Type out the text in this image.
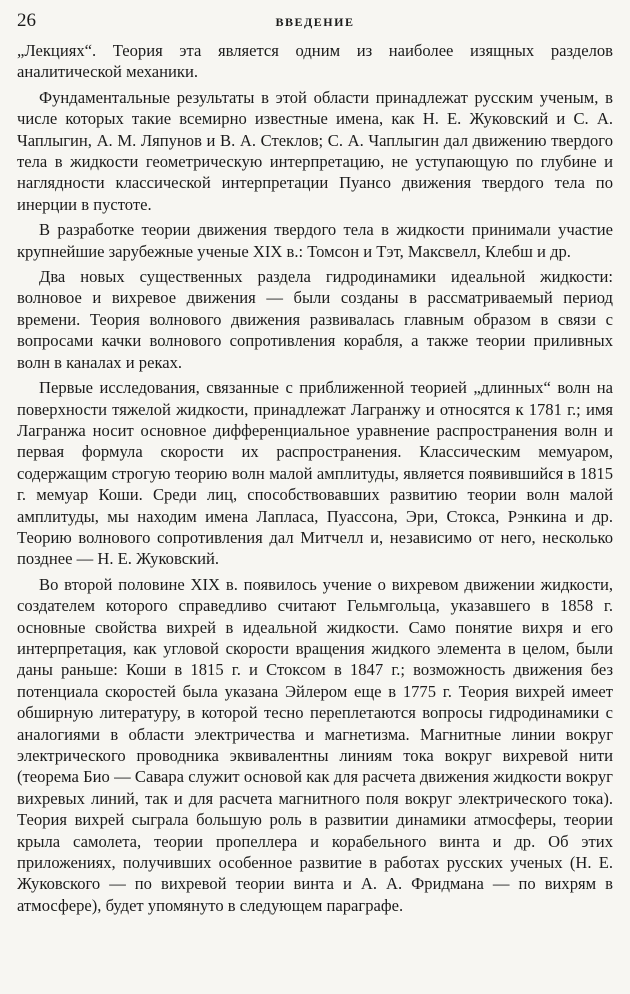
26	ВВЕДЕНИЕ

„Лекциях“. Теория эта является одним из наиболее изящных разделов аналитической механики.

Фундаментальные результаты в этой области принадлежат русским ученым, в числе которых такие всемирно известные имена, как Н. Е. Жуковский и С. А. Чаплыгин, А. М. Ляпунов и В. А. Стеклов; С. А. Чаплыгин дал движению твердого тела в жидкости геометрическую интерпретацию, не уступающую по глубине и наглядности классической интерпретации Пуансо движения твердого тела по инерции в пустоте.

В разработке теории движения твердого тела в жидкости принимали участие крупнейшие зарубежные ученые XIX в.: Томсон и Тэт, Максвелл, Клебш и др.

Два новых существенных раздела гидродинамики идеальной жидкости: волновое и вихревое движения — были созданы в рассматриваемый период времени. Теория волнового движения развивалась главным образом в связи с вопросами качки волнового сопротивления корабля, а также теории приливных волн в каналах и реках.

Первые исследования, связанные с приближенной теорией „длинных“ волн на поверхности тяжелой жидкости, принадлежат Лагранжу и относятся к 1781 г.; имя Лагранжа носит основное дифференциальное уравнение распространения волн и первая формула скорости их распространения. Классическим мемуаром, содержащим строгую теорию волн малой амплитуды, является появившийся в 1815 г. мемуар Коши. Среди лиц, способствовавших развитию теории волн малой амплитуды, мы находим имена Лапласа, Пуассона, Эри, Стокса, Рэнкина и др. Теорию волнового сопротивления дал Митчелл и, независимо от него, несколько позднее — Н. Е. Жуковский.

Во второй половине XIX в. появилось учение о вихревом движении жидкости, создателем которого справедливо считают Гельмгольца, указавшего в 1858 г. основные свойства вихрей в идеальной жидкости. Само понятие вихря и его интерпретация, как угловой скорости вращения жидкого элемента в целом, были даны раньше: Коши в 1815 г. и Стоксом в 1847 г.; возможность движения без потенциала скоростей была указана Эйлером еще в 1775 г. Теория вихрей имеет обширную литературу, в которой тесно переплетаются вопросы гидродинамики с аналогиями в области электричества и магнетизма. Магнитные линии вокруг электрического проводника эквивалентны линиям тока вокруг вихревой нити (теорема Био — Савара служит основой как для расчета движения жидкости вокруг вихревых линий, так и для расчета магнитного поля вокруг электрического тока). Теория вихрей сыграла большую роль в развитии динамики атмосферы, теории крыла самолета, теории пропеллера и корабельного винта и др. Об этих приложениях, получивших особенное развитие в работах русских ученых (Н. Е. Жуковского — по вихревой теории винта и А. А. Фридмана — по вихрям в атмосфере), будет упомянуто в следующем параграфе.
